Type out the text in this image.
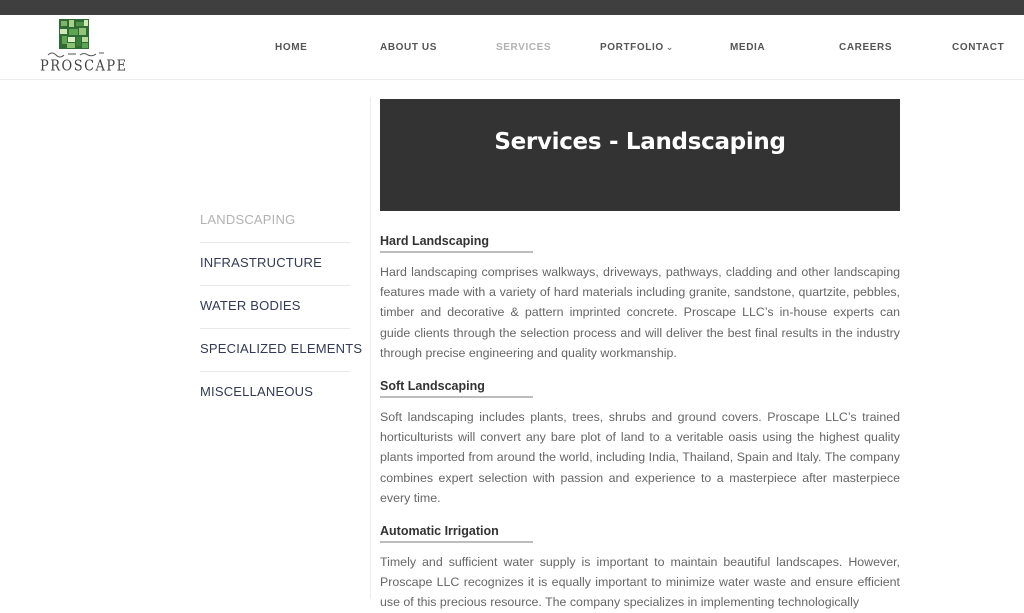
PROSCAPE
HOME	ABOUT US	SERVICES	PORTFOLIO ⌄	MEDIA	CAREERS	CONTACT
LANDSCAPING
INFRASTRUCTURE
WATER BODIES
SPECIALIZED ELEMENTS
MISCELLANEOUS
Services - Landscaping
Hard Landscaping

Hard landscaping comprises walkways, driveways, pathways, cladding and other landscaping features made with a variety of hard materials including granite, sandstone, quartzite, pebbles, timber and decorative & pattern imprinted concrete. Proscape LLC’s in-house experts can guide clients through the selection process and will deliver the best final results in the industry through precise engineering and quality workmanship.

Soft Landscaping

Soft landscaping includes plants, trees, shrubs and ground covers. Proscape LLC’s trained horticulturists will convert any bare plot of land to a veritable oasis using the highest quality plants imported from around the world, including India, Thailand, Spain and Italy. The company combines expert selection with passion and experience to a masterpiece after masterpiece every time.

Automatic Irrigation

Timely and sufficient water supply is important to maintain beautiful landscapes. However, Proscape LLC recognizes it is equally important to minimize water waste and ensure efficient use of this precious resource. The company specializes in implementing technologically
